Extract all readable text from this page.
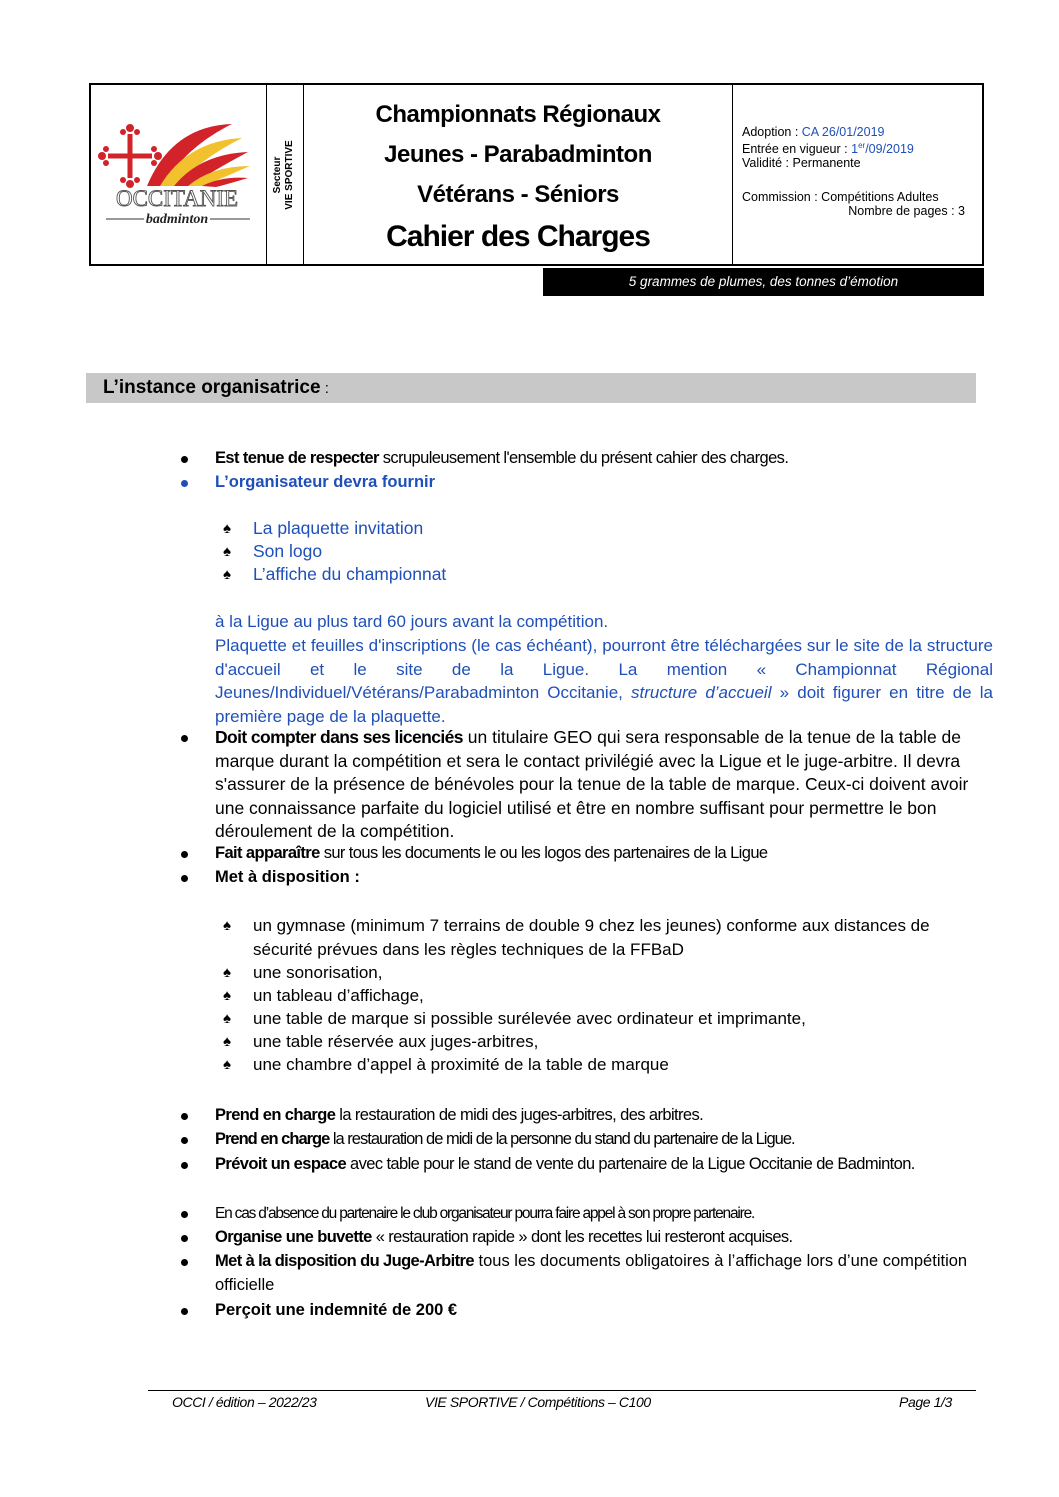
OCCITANIE
badminton
Secteur VIE SPORTIVE
Championnats Régionaux
Jeunes - Parabadminton
Vétérans - Séniors
Cahier des Charges
Adoption : CA 26/01/2019
Entrée en vigueur : 1er/09/2019
Validité : Permanente
Commission : Compétitions Adultes
Nombre de pages : 3
5 grammes de plumes, des tonnes d’émotion
L’instance organisatrice :
Est tenue de respecter scrupuleusement l'ensemble du présent cahier des charges.
L’organisateur devra fournir
♠ La plaquette invitation
♠ Son logo
♠ L’affiche du championnat
à la Ligue au plus tard 60 jours avant la compétition.
Plaquette et feuilles d'inscriptions (le cas échéant), pourront être téléchargées sur le site de la structure d'accueil et le site de la Ligue. La mention « Championnat Régional Jeunes/Individuel/Vétérans/Parabadminton Occitanie, structure d’accueil » doit figurer en titre de la première page de la plaquette.
Doit compter dans ses licenciés un titulaire GEO qui sera responsable de la tenue de la table de marque durant la compétition et sera le contact privilégié avec la Ligue et le juge-arbitre. Il devra s'assurer de la présence de bénévoles pour la tenue de la table de marque. Ceux-ci doivent avoir une connaissance parfaite du logiciel utilisé et être en nombre suffisant pour permettre le bon déroulement de la compétition.
Fait apparaître sur tous les documents le ou les logos des partenaires de la Ligue
Met à disposition :
♠ un gymnase (minimum 7 terrains de double 9 chez les jeunes) conforme aux distances de sécurité prévues dans les règles techniques de la FFBaD
♠ une sonorisation,
♠ un tableau d’affichage,
♠ une table de marque si possible surélevée avec ordinateur et imprimante,
♠ une table réservée aux juges-arbitres,
♠ une chambre d’appel à proximité de la table de marque
Prend en charge la restauration de midi des juges-arbitres, des arbitres.
Prend en charge la restauration de midi de la personne du stand du partenaire de la Ligue.
Prévoit un espace avec table pour le stand de vente du partenaire de la Ligue Occitanie de Badminton.
En cas d’absence du partenaire le club organisateur pourra faire appel à son propre partenaire.
Organise une buvette « restauration rapide » dont les recettes lui resteront acquises.
Met à la disposition du Juge-Arbitre tous les documents obligatoires à l’affichage lors d’une compétition officielle
Perçoit une indemnité de 200 €
OCCI / édition – 2022/23	VIE SPORTIVE / Compétitions – C100	Page 1/3
